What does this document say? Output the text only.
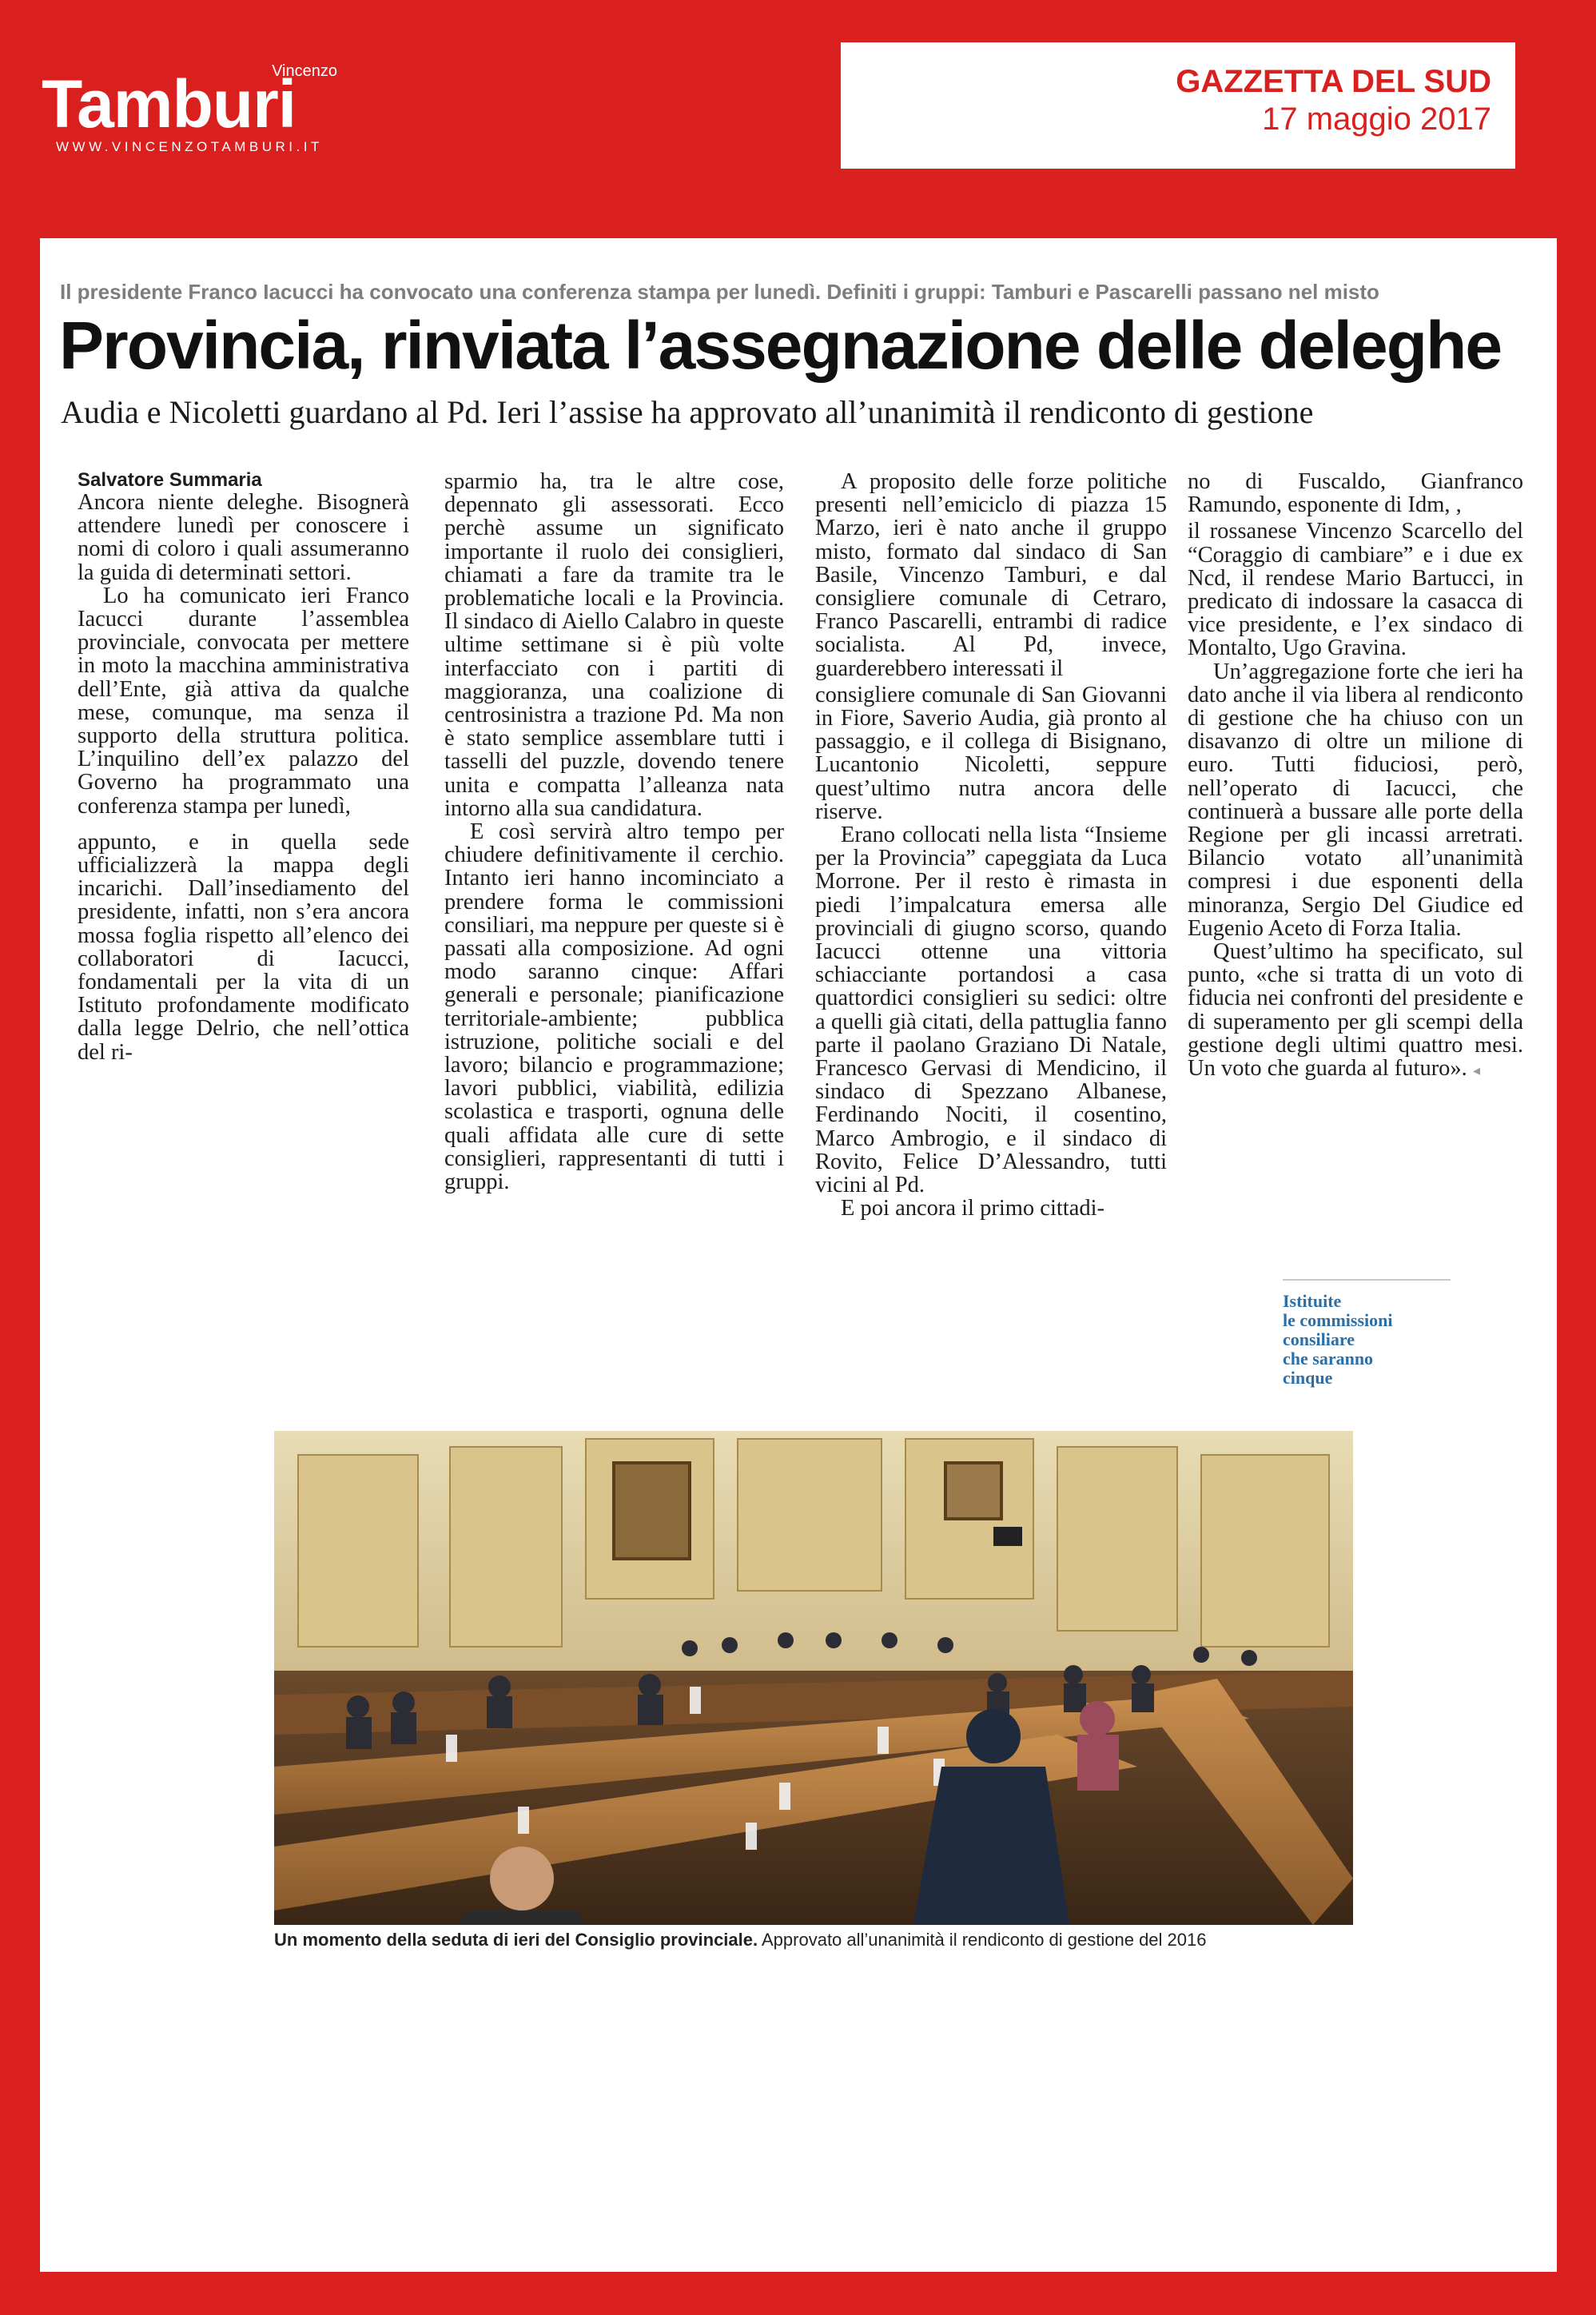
Vincenzo
Tamburi
WWW.VINCENZOTAMBURI.IT
GAZZETTA DEL SUD
17 maggio 2017
Il presidente Franco Iacucci ha convocato una conferenza stampa per lunedì. Definiti i gruppi: Tamburi e Pascarelli passano nel misto
Provincia, rinviata l’assegnazione delle deleghe
Audia e Nicoletti guardano al Pd. Ieri l’assise ha approvato all’unanimità il rendiconto di gestione
Salvatore Summaria

Ancora niente deleghe. Bisognerà attendere lunedì per conoscere i nomi di coloro i quali assumeranno la guida di determinati settori.

Lo ha comunicato ieri Franco Iacucci durante l’assemblea provinciale, convocata per mettere in moto la macchina amministrativa dell’Ente, già attiva da qualche mese, comunque, ma senza il supporto della struttura politica. L’inquilino dell’ex palazzo del Governo ha programmato una conferenza stampa per lunedì,

appunto, e in quella sede ufficializzerà la mappa degli incarichi. Dall’insediamento del presidente, infatti, non s’era ancora mossa foglia rispetto all’elenco dei collaboratori di Iacucci, fondamentali per la vita di un Istituto profondamente modificato dalla legge Delrio, che nell’ottica del ri-

sparmio ha, tra le altre cose, depennato gli assessorati. Ecco perchè assume un significato importante il ruolo dei consiglieri, chiamati a fare da tramite tra le problematiche locali e la Provincia. Il sindaco di Aiello Calabro in queste ultime settimane si è più volte interfacciato con i partiti di maggioranza, una coalizione di centrosinistra a trazione Pd. Ma non è stato semplice assemblare tutti i tasselli del puzzle, dovendo tenere unita e compatta l’alleanza nata intorno alla sua candidatura.

E così servirà altro tempo per chiudere definitivamente il cerchio. Intanto ieri hanno incominciato a prendere forma le commissioni consiliari, ma neppure per queste si è passati alla composizione. Ad ogni modo saranno cinque: Affari generali e personale; pianificazione territoriale-ambiente; pubblica istruzione, politiche sociali e del lavoro; bilancio e programmazione; lavori pubblici, viabilità, edilizia scolastica e trasporti, ognuna delle quali affidata alle cure di sette consiglieri, rappresentanti di tutti i gruppi.

A proposito delle forze politiche presenti nell’emiciclo di piazza 15 Marzo, ieri è nato anche il gruppo misto, formato dal sindaco di San Basile, Vincenzo Tamburi, e dal consigliere comunale di Cetraro, Franco Pascarelli, entrambi di radice socialista. Al Pd, invece, guarderebbero interessati il

consigliere comunale di San Giovanni in Fiore, Saverio Audia, già pronto al passaggio, e il collega di Bisignano, Lucantonio Nicoletti, seppure quest’ultimo nutra ancora delle riserve.

Erano collocati nella lista “Insieme per la Provincia” capeggiata da Luca Morrone. Per il resto è rimasta in piedi l’impalcatura emersa alle provinciali di giugno scorso, quando Iacucci ottenne una vittoria schiacciante portandosi a casa quattordici consiglieri su sedici: oltre a quelli già citati, della pattuglia fanno parte il paolano Graziano Di Natale, Francesco Gervasi di Mendicino, il sindaco di Spezzano Albanese, Ferdinando Nociti, il cosentino, Marco Ambrogio, e il sindaco di Rovito, Felice D’Alessandro, tutti vicini al Pd.

E poi ancora il primo cittadi-

no di Fuscaldo, Gianfranco Ramundo, esponente di Idm, ,

il rossanese Vincenzo Scarcello del “Coraggio di cambiare” e i due ex Ncd, il rendese Mario Bartucci, in predicato di indossare la casacca di vice presidente, e l’ex sindaco di Montalto, Ugo Gravina.

Un’aggregazione forte che ieri ha dato anche il via libera al rendiconto di gestione che ha chiuso con un disavanzo di oltre un milione di euro. Tutti fiduciosi, però, nell’operato di Iacucci, che continuerà a bussare alle porte della Regione per gli incassi arretrati. Bilancio votato all’unanimità compresi i due esponenti della minoranza, Sergio Del Giudice ed Eugenio Aceto di Forza Italia.

Quest’ultimo ha specificato, sul punto, «che si tratta di un voto di fiducia nei confronti del presidente e di superamento per gli scempi della gestione degli ultimi quattro mesi. Un voto che guarda al futuro». ◂

Istituite
le commissioni
consiliare
che saranno
cinque
Un momento della seduta di ieri del Consiglio provinciale. Approvato all’unanimità il rendiconto di gestione del 2016
